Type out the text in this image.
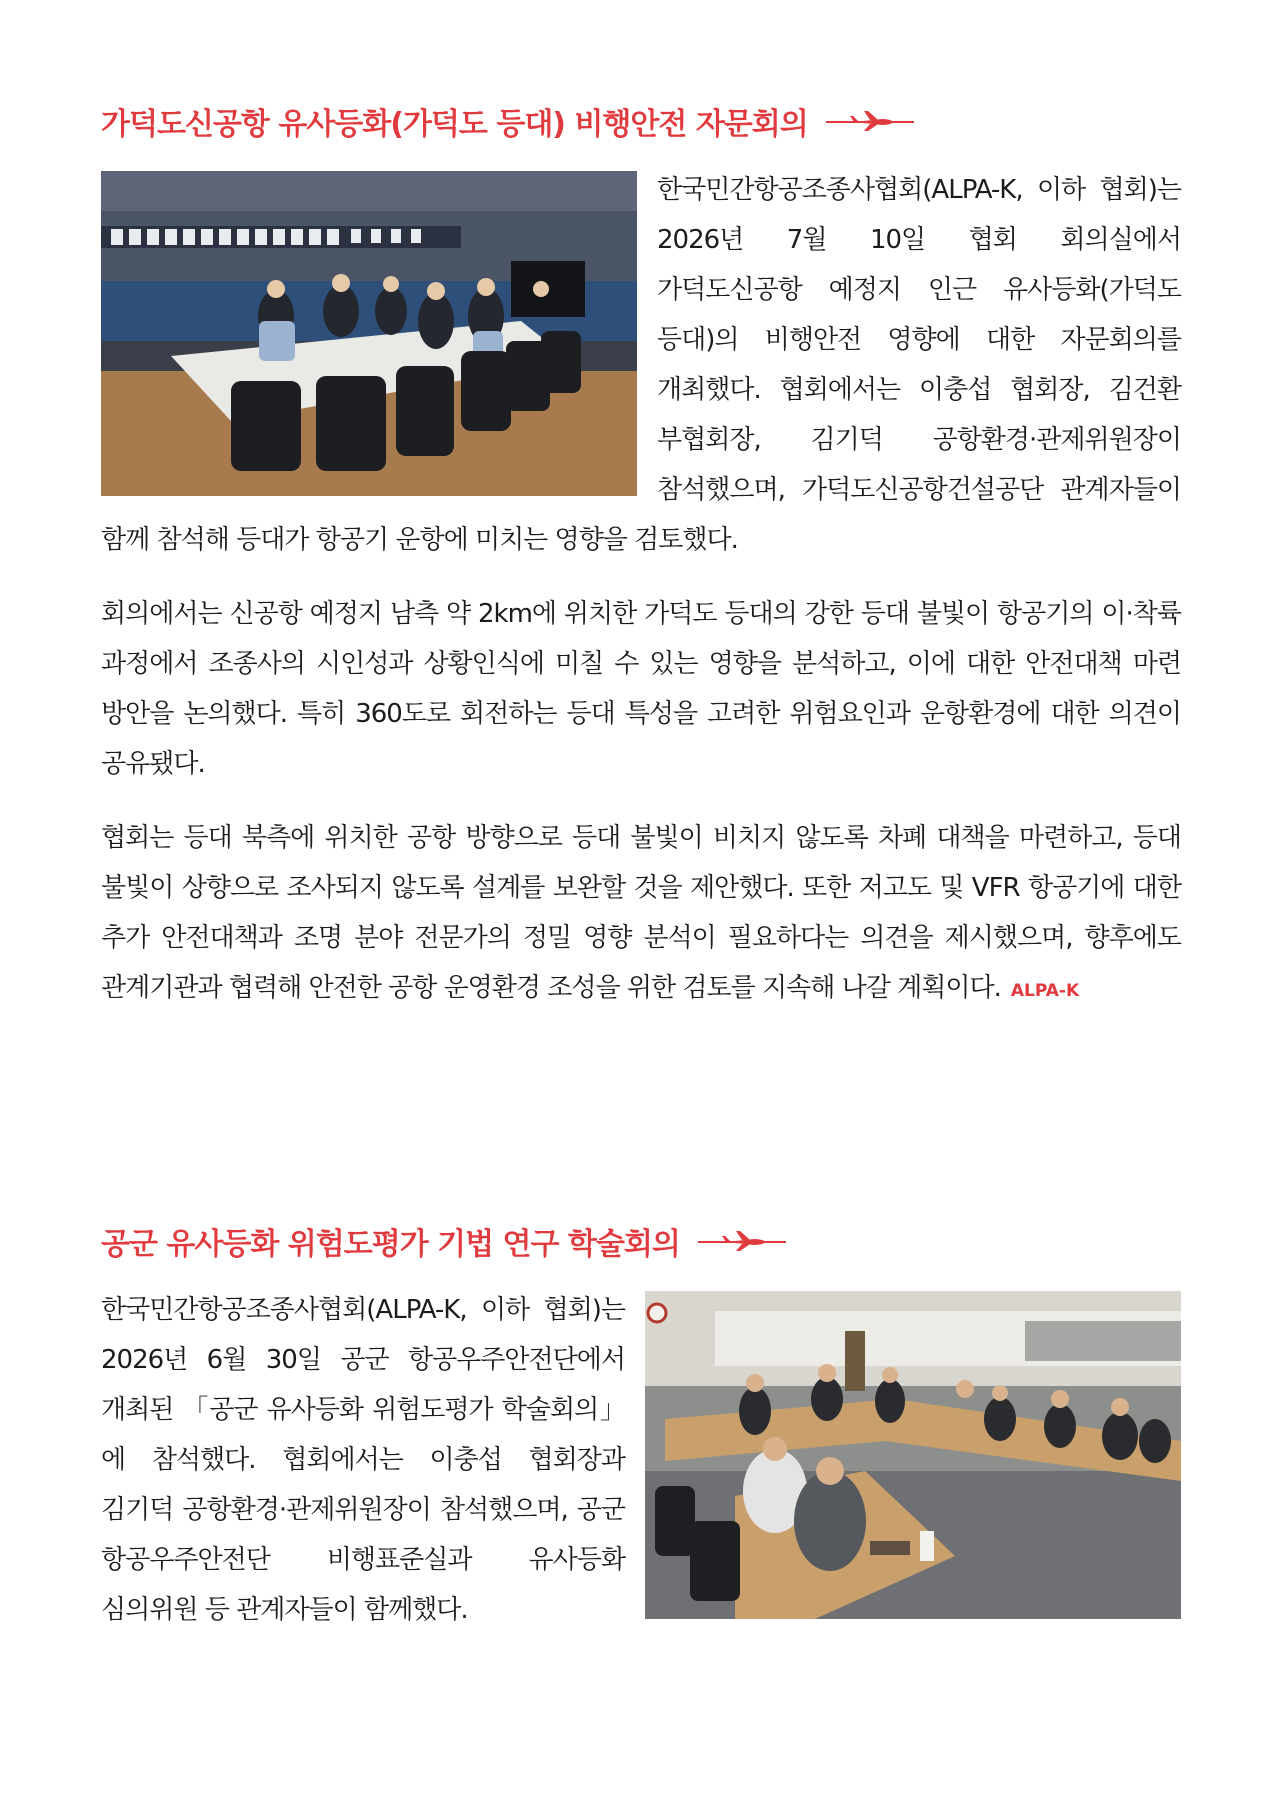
가덕도신공항 유사등화(가덕도 등대) 비행안전 자문회의

한국민간항공조종사협회(ALPA-K, 이하 협회)는 2026년 7월 10일 협회 회의실에서 가덕도신공항 예정지 인근 유사등화(가덕도 등대)의 비행안전 영향에 대한 자문회의를 개최했다. 협회에서는 이충섭 협회장, 김건환 부협회장, 김기덕 공항환경·관제위원장이 참석했으며, 가덕도신공항건설공단 관계자들이 함께 참석해 등대가 항공기 운항에 미치는 영향을 검토했다.

회의에서는 신공항 예정지 남측 약 2km에 위치한 가덕도 등대의 강한 등대 불빛이 항공기의 이·착륙 과정에서 조종사의 시인성과 상황인식에 미칠 수 있는 영향을 분석하고, 이에 대한 안전대책 마련 방안을 논의했다. 특히 360도로 회전하는 등대 특성을 고려한 위험요인과 운항환경에 대한 의견이 공유됐다.

협회는 등대 북측에 위치한 공항 방향으로 등대 불빛이 비치지 않도록 차폐 대책을 마련하고, 등대 불빛이 상향으로 조사되지 않도록 설계를 보완할 것을 제안했다. 또한 저고도 및 VFR 항공기에 대한 추가 안전대책과 조명 분야 전문가의 정밀 영향 분석이 필요하다는 의견을 제시했으며, 향후에도 관계기관과 협력해 안전한 공항 운영환경 조성을 위한 검토를 지속해 나갈 계획이다. ALPA-K

공군 유사등화 위험도평가 기법 연구 학술회의

한국민간항공조종사협회(ALPA-K, 이하 협회)는 2026년 6월 30일 공군 항공우주안전단에서 개최된 「공군 유사등화 위험도평가 학술회의」에 참석했다. 협회에서는 이충섭 협회장과 김기덕 공항환경·관제위원장이 참석했으며, 공군 항공우주안전단 비행표준실과 유사등화 심의위원 등 관계자들이 함께했다.
